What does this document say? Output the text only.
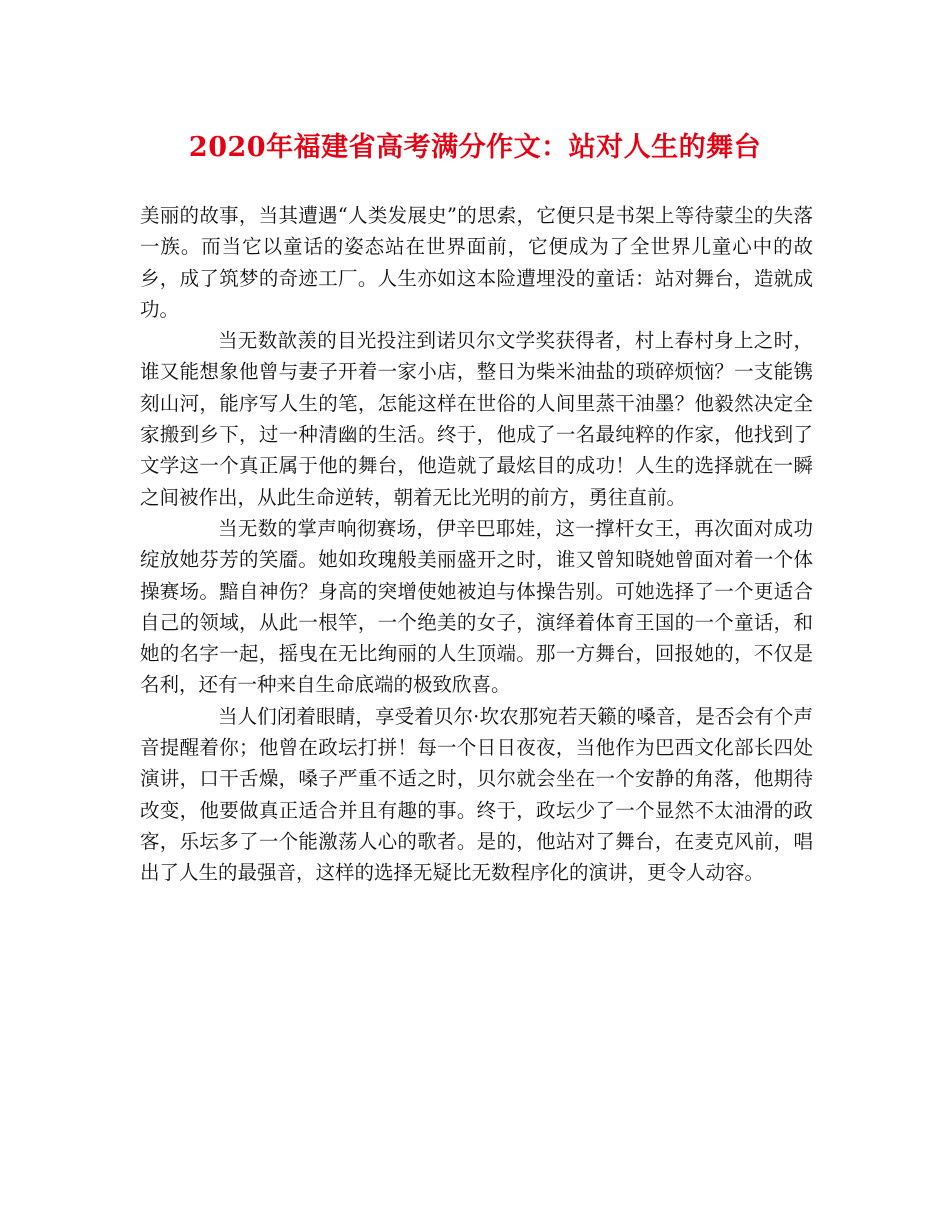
2020年福建省高考满分作文：站对人生的舞台

美丽的故事，当其遭遇“人类发展史”的思索，它便只是书架上等待蒙尘的失落一族。而当它以童话的姿态站在世界面前，它便成为了全世界儿童心中的故乡，成了筑梦的奇迹工厂。人生亦如这本险遭埋没的童话：站对舞台，造就成功。

当无数歆羡的目光投注到诺贝尔文学奖获得者，村上春村身上之时，谁又能想象他曾与妻子开着一家小店，整日为柴米油盐的琐碎烦恼？一支能镌刻山河，能序写人生的笔，怎能这样在世俗的人间里蒸干油墨？他毅然决定全家搬到乡下，过一种清幽的生活。终于，他成了一名最纯粹的作家，他找到了文学这一个真正属于他的舞台，他造就了最炫目的成功！人生的选择就在一瞬之间被作出，从此生命逆转，朝着无比光明的前方，勇往直前。

当无数的掌声响彻赛场，伊辛巴耶娃，这一撑杆女王，再次面对成功绽放她芬芳的笑靥。她如玫瑰般美丽盛开之时，谁又曾知晓她曾面对着一个体操赛场。黯自神伤？身高的突增使她被迫与体操告别。可她选择了一个更适合自己的领域，从此一根竿，一个绝美的女子，演绎着体育王国的一个童话，和她的名字一起，摇曳在无比绚丽的人生顶端。那一方舞台，回报她的，不仅是名利，还有一种来自生命底端的极致欣喜。

当人们闭着眼睛，享受着贝尔·坎农那宛若天籁的嗓音，是否会有个声音提醒着你；他曾在政坛打拼！每一个日日夜夜，当他作为巴西文化部长四处演讲，口干舌燥，嗓子严重不适之时，贝尔就会坐在一个安静的角落，他期待改变，他要做真正适合并且有趣的事。终于，政坛少了一个显然不太油滑的政客，乐坛多了一个能激荡人心的歌者。是的，他站对了舞台，在麦克风前，唱出了人生的最强音，这样的选择无疑比无数程序化的演讲，更令人动容。
